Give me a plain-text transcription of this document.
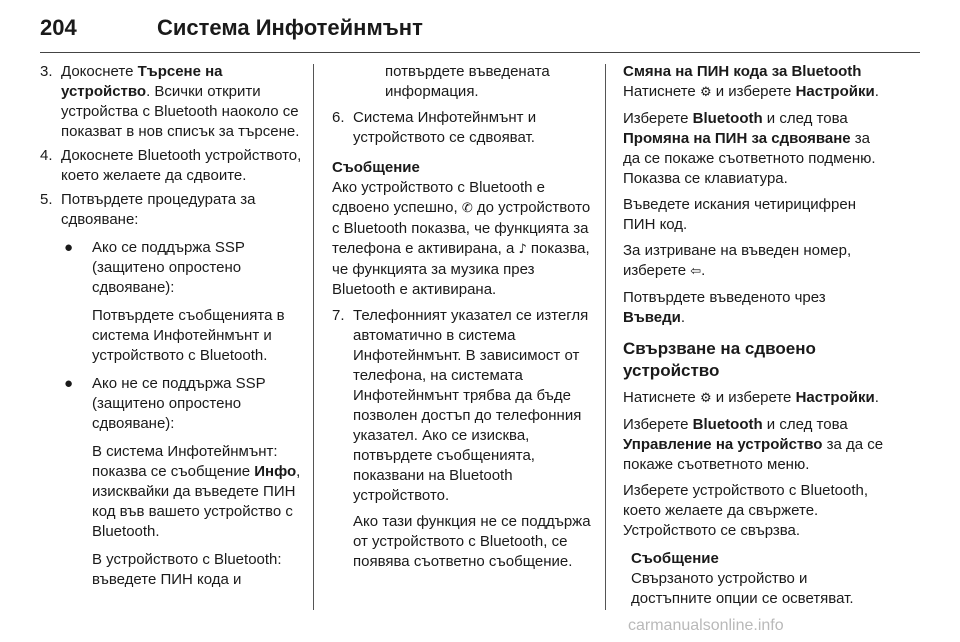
204	Система Инфотейнмънт
3. Докоснете Търсене на устройство. Всички открити устройства с Bluetooth наоколо се показват в нов списък за търсене.
4. Докоснете Bluetooth устройството, което желаете да сдвоите.
5. Потвърдете процедурата за сдвояване:
● Ако се поддържа SSP (защитено опростено сдвояване):
Потвърдете съобщенията в система Инфотейнмънт и устройството с Bluetooth.
● Ако не се поддържа SSP (защитено опростено сдвояване):
В система Инфотейнмънт: показва се съобщение Инфо, изисквайки да въведете ПИН код във вашето устройство с Bluetooth.
В устройството с Bluetooth: въведете ПИН кода и
потвърдете въведената информация.
6. Система Инфотейнмънт и устройството се сдвояват.
Съобщение
Ако устройството с Bluetooth е сдвоено успешно, ✆ до устройството с Bluetooth показва, че функцията за телефона е активирана, а ♪ показва, че функцията за музика през Bluetooth е активирана.
7. Телефонният указател се изтегля автоматично в система Инфотейнмънт. В зависимост от телефона, на системата Инфотейнмънт трябва да бъде позволен достъп до телефонния указател. Ако се изисква, потвърдете съобщенията, показвани на Bluetooth устройството.
Ако тази функция не се поддържа от устройството с Bluetooth, се появява съответно съобщение.
Смяна на ПИН кода за Bluetooth
Натиснете ⚙ и изберете Настройки.
Изберете Bluetooth и след това Промяна на ПИН за сдвояване за да се покаже съответното подменю. Показва се клавиатура.
Въведете искания четирицифрен ПИН код.
За изтриване на въведен номер, изберете ⇦.
Потвърдете въведеното чрез Въведи.
Свързване на сдвоено устройство
Натиснете ⚙ и изберете Настройки.
Изберете Bluetooth и след това Управление на устройство за да се покаже съответното меню.
Изберете устройството с Bluetooth, което желаете да свържете. Устройството се свързва.
Съобщение
Свързаното устройство и достъпните опции се осветяват.
carmanualsonline.info
